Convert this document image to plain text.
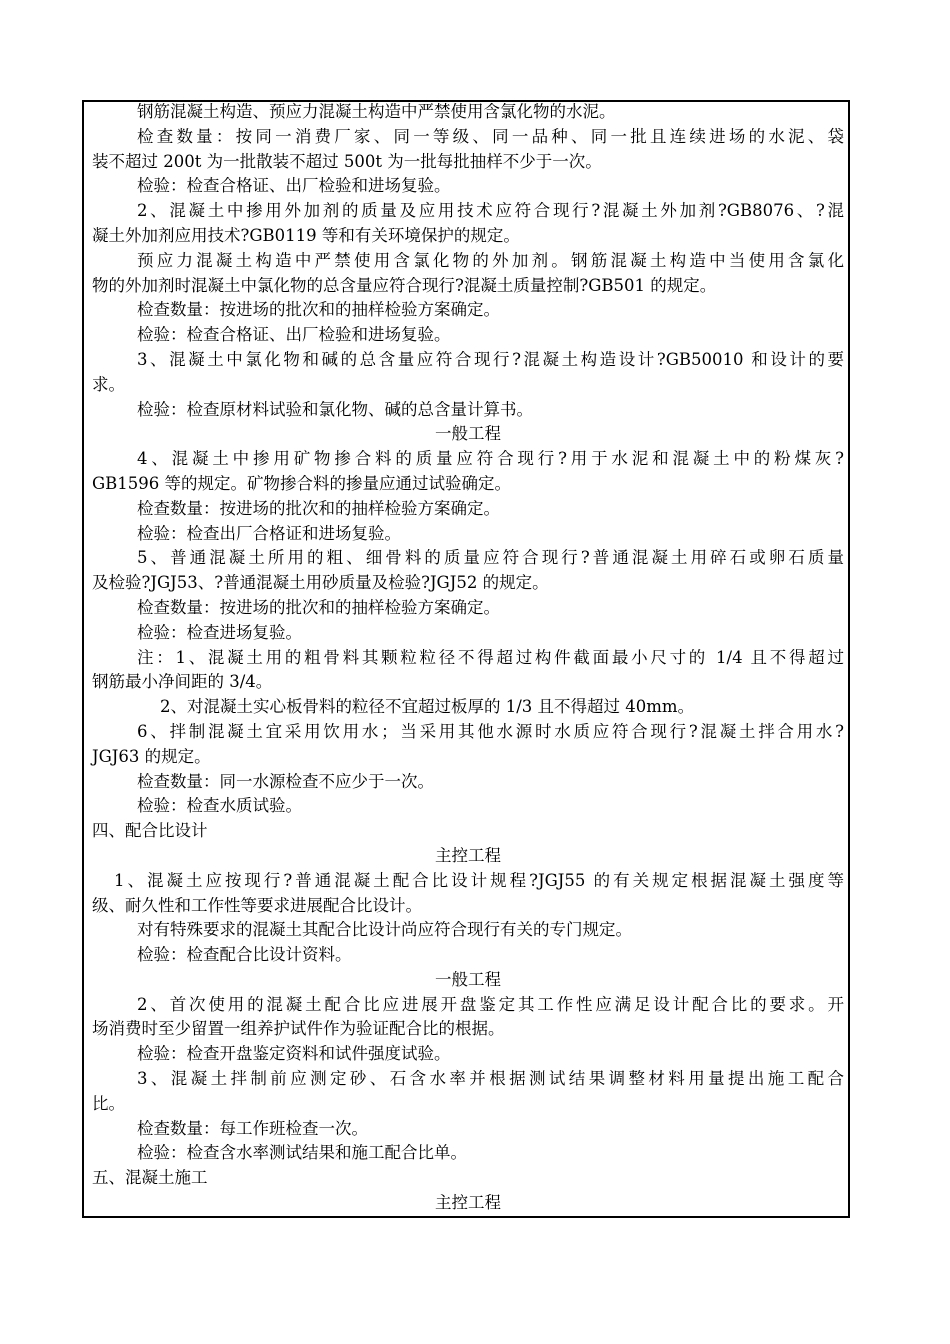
钢筋混凝土构造、预应力混凝土构造中严禁使用含氯化物的水泥。
检查数量：按同一消费厂家、同一等级、同一品种、同一批且连续进场的水泥、袋
装不超过 200t 为一批散装不超过 500t 为一批每批抽样不少于一次。
检验：检查合格证、出厂检验和进场复验。
2、混凝土中掺用外加剂的质量及应用技术应符合现行?混凝土外加剂?GB8076、?混
凝土外加剂应用技术?GB0119 等和有关环境保护的规定。
预应力混凝土构造中严禁使用含氯化物的外加剂。钢筋混凝土构造中当使用含氯化
物的外加剂时混凝土中氯化物的总含量应符合现行?混凝土质量控制?GB501 的规定。
检查数量：按进场的批次和的抽样检验方案确定。
检验：检查合格证、出厂检验和进场复验。
3、混凝土中氯化物和碱的总含量应符合现行?混凝土构造设计?GB50010 和设计的要
求。
检验：检查原材料试验和氯化物、碱的总含量计算书。
一般工程
4、混凝土中掺用矿物掺合料的质量应符合现行?用于水泥和混凝土中的粉煤灰?
GB1596 等的规定。矿物掺合料的掺量应通过试验确定。
检查数量：按进场的批次和的抽样检验方案确定。
检验：检查出厂合格证和进场复验。
5、普通混凝土所用的粗、细骨料的质量应符合现行?普通混凝土用碎石或卵石质量
及检验?JGJ53、?普通混凝土用砂质量及检验?JGJ52 的规定。
检查数量：按进场的批次和的抽样检验方案确定。
检验：检查进场复验。
注：1、混凝土用的粗骨料其颗粒粒径不得超过构件截面最小尺寸的 1/4 且不得超过
钢筋最小净间距的 3/4。
2、对混凝土实心板骨料的粒径不宜超过板厚的 1/3 且不得超过 40mm。
6、拌制混凝土宜采用饮用水；当采用其他水源时水质应符合现行?混凝土拌合用水?
JGJ63 的规定。
检查数量：同一水源检查不应少于一次。
检验：检查水质试验。
四、配合比设计
主控工程
1、混凝土应按现行?普通混凝土配合比设计规程?JGJ55 的有关规定根据混凝土强度等
级、耐久性和工作性等要求进展配合比设计。
对有特殊要求的混凝土其配合比设计尚应符合现行有关的专门规定。
检验：检查配合比设计资料。
一般工程
2、首次使用的混凝土配合比应进展开盘鉴定其工作性应满足设计配合比的要求。开
场消费时至少留置一组养护试件作为验证配合比的根据。
检验：检查开盘鉴定资料和试件强度试验。
3、混凝土拌制前应测定砂、石含水率并根据测试结果调整材料用量提出施工配合
比。
检查数量：每工作班检查一次。
检验：检查含水率测试结果和施工配合比单。
五、混凝土施工
主控工程
